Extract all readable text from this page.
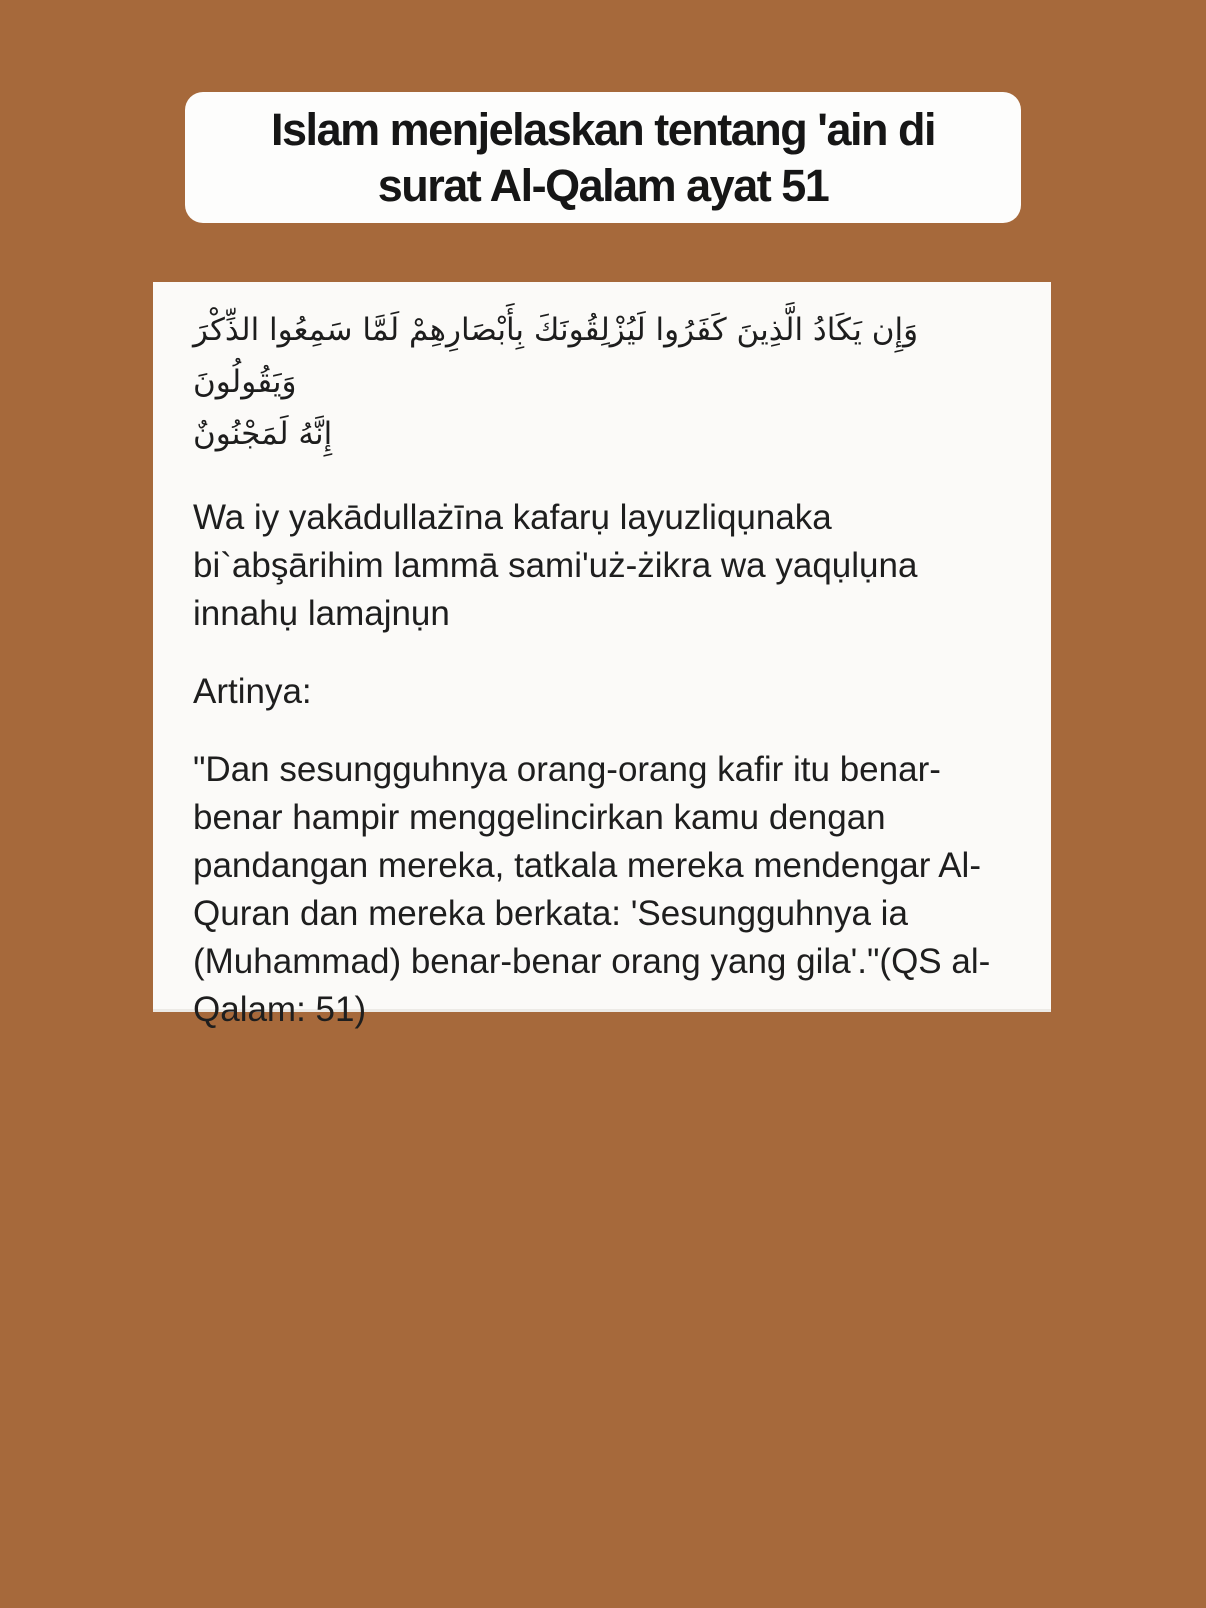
Islam menjelaskan tentang 'ain di
surat Al-Qalam ayat 51
وَإِن يَكَادُ الَّذِينَ كَفَرُوا لَيُزْلِقُونَكَ بِأَبْصَارِهِمْ لَمَّا سَمِعُوا الذِّكْرَ وَيَقُولُونَ
إِنَّهُ لَمَجْنُونٌ
Wa iy yakādullażīna kafarụ layuzliqụnaka bi`abşārihim lammā sami'uż-żikra wa yaqụlụna innahụ lamajnụn
Artinya:
"Dan sesungguhnya orang-orang kafir itu benar-benar hampir menggelincirkan kamu dengan pandangan mereka, tatkala mereka mendengar Al-Quran dan mereka berkata: 'Sesungguhnya ia (Muhammad) benar-benar orang yang gila'."(QS al-Qalam: 51)
